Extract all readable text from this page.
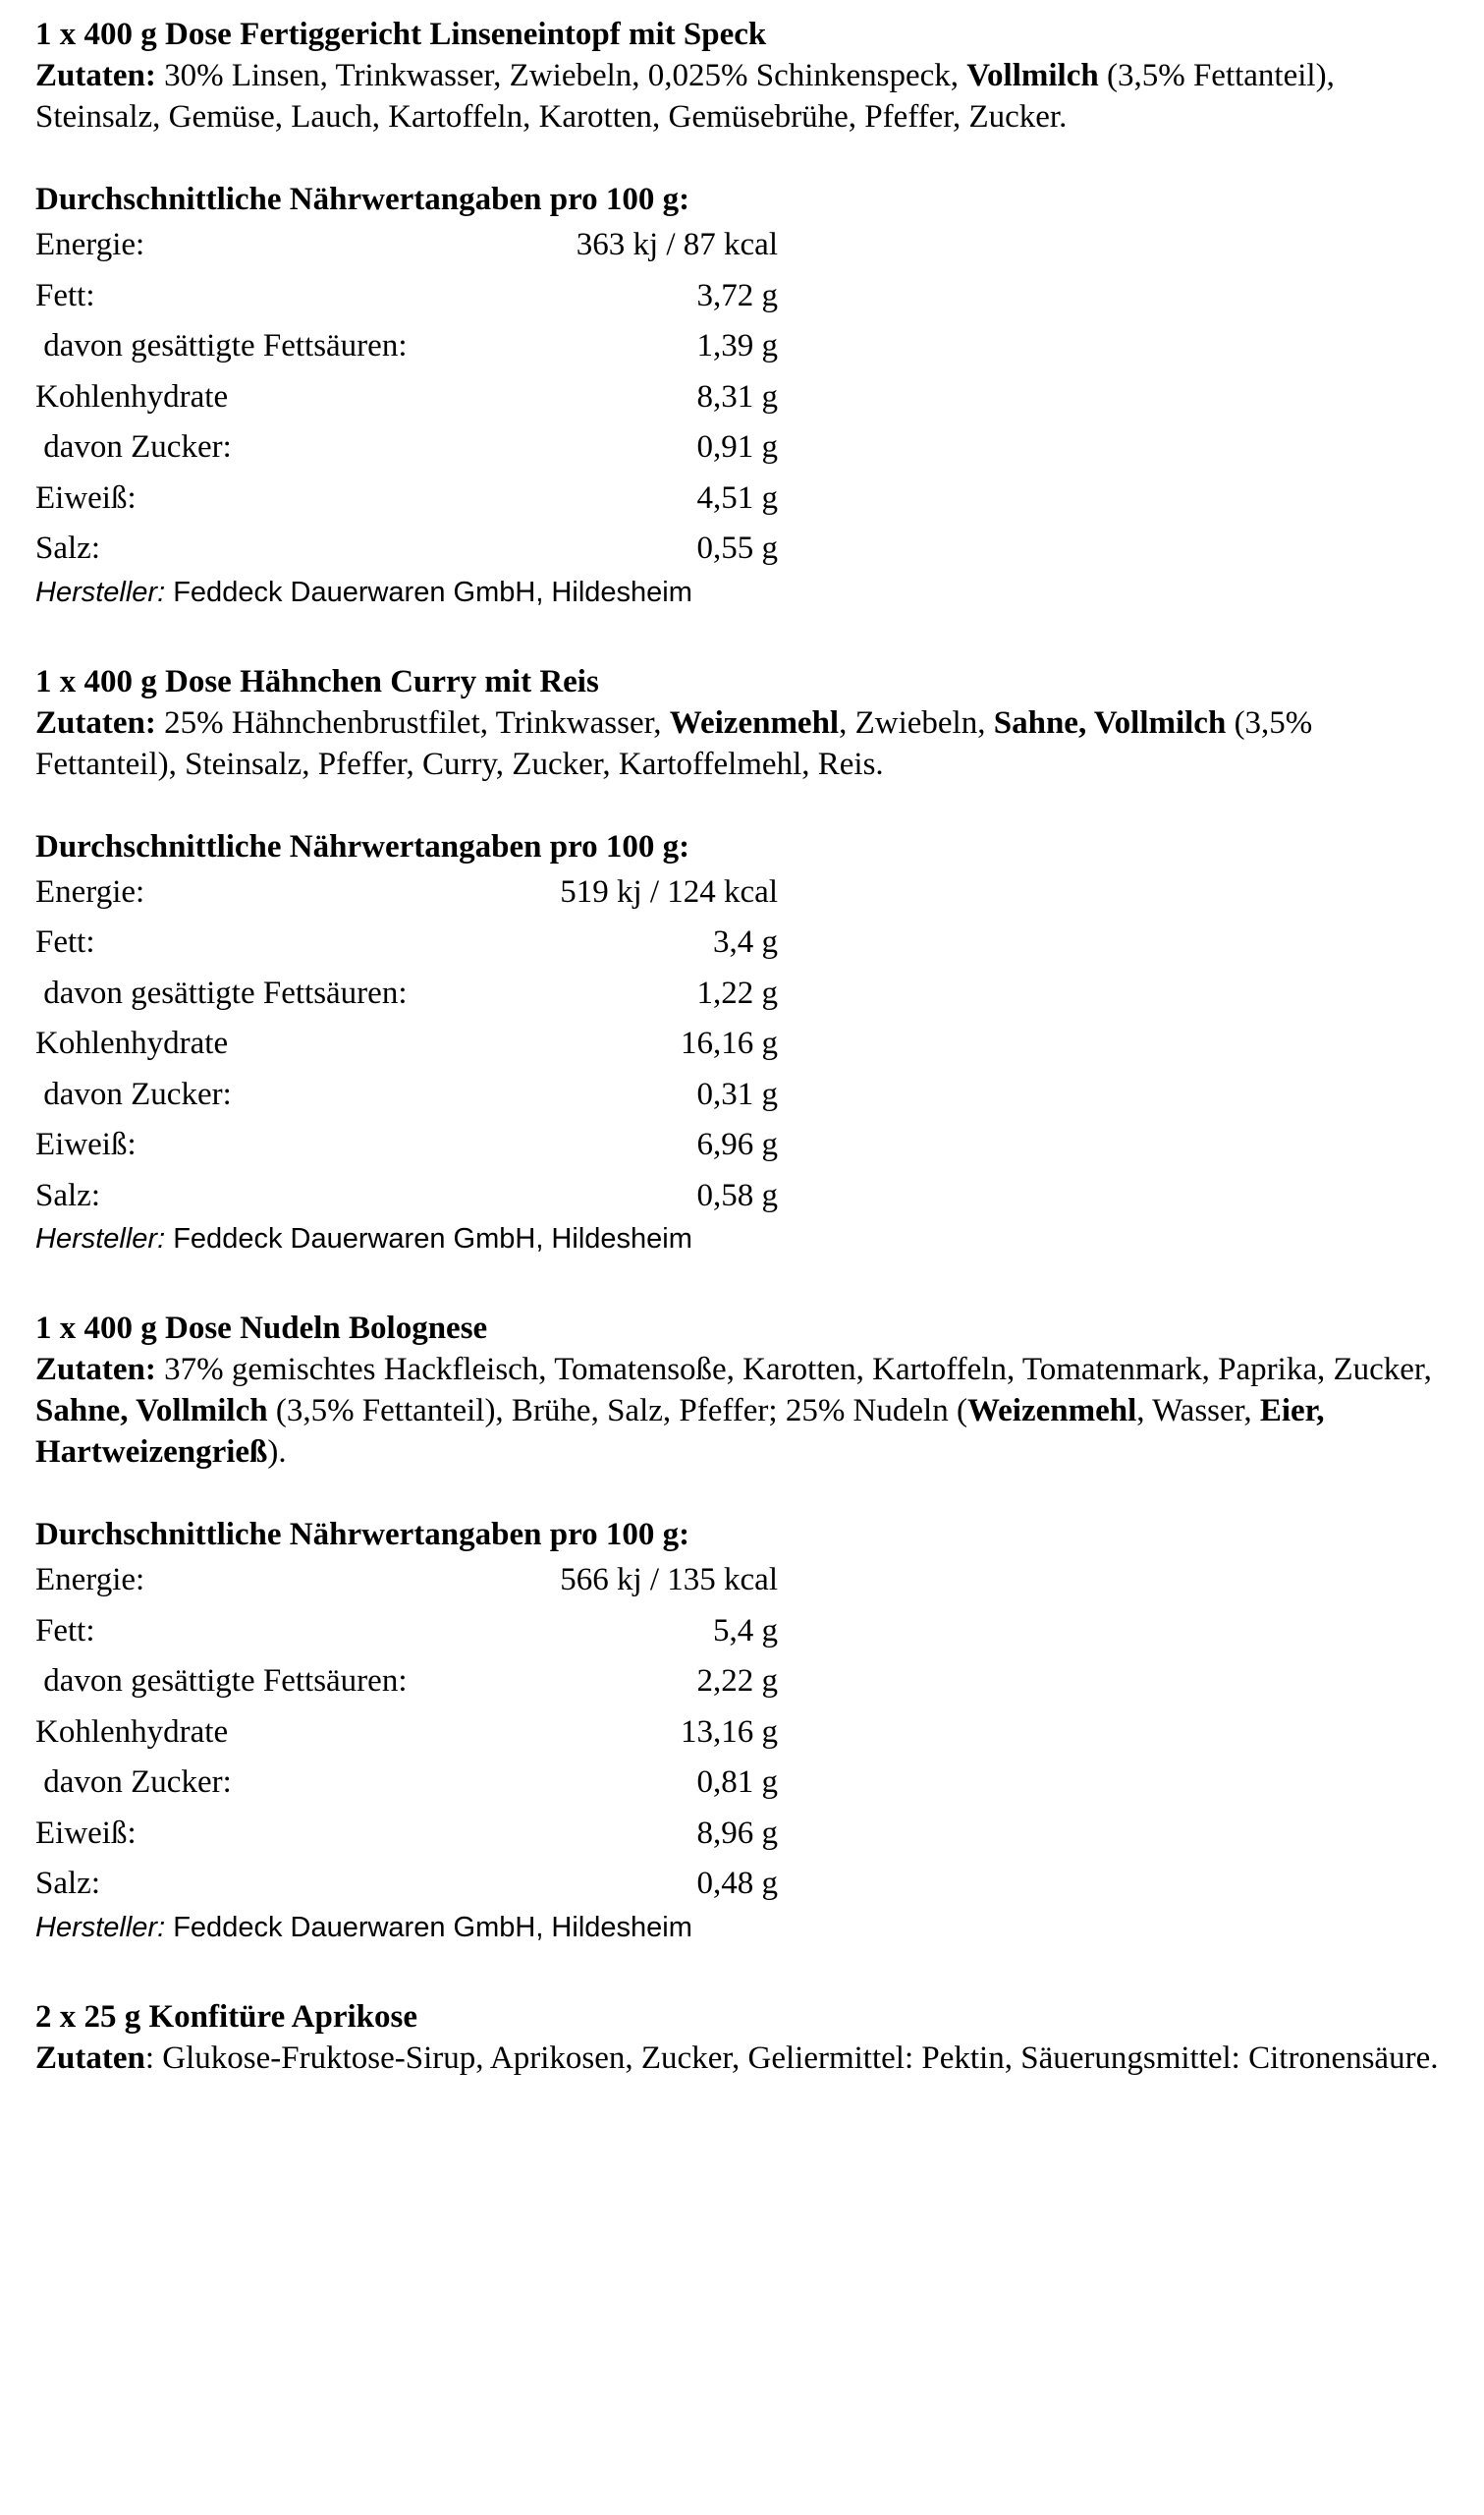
1 x 400 g Dose Fertiggericht Linseneintopf mit Speck
Zutaten: 30% Linsen, Trinkwasser, Zwiebeln, 0,025% Schinkenspeck, Vollmilch (3,5% Fettanteil), Steinsalz, Gemüse, Lauch, Kartoffeln, Karotten, Gemüsebrühe, Pfeffer, Zucker.
Durchschnittliche Nährwertangaben pro 100 g:
Energie:	363 kj / 87 kcal
Fett:	3,72 g
davon gesättigte Fettsäuren:	1,39 g
Kohlenhydrate	8,31 g
davon Zucker:	0,91 g
Eiweiß:	4,51 g
Salz:	0,55 g
Hersteller: Feddeck Dauerwaren GmbH, Hildesheim
1 x 400 g Dose Hähnchen Curry mit Reis
Zutaten: 25% Hähnchenbrustfilet, Trinkwasser, Weizenmehl, Zwiebeln, Sahne, Vollmilch (3,5% Fettanteil), Steinsalz, Pfeffer, Curry, Zucker, Kartoffelmehl, Reis.
Durchschnittliche Nährwertangaben pro 100 g:
Energie:	519 kj / 124 kcal
Fett:	3,4 g
davon gesättigte Fettsäuren:	1,22 g
Kohlenhydrate	16,16 g
davon Zucker:	0,31 g
Eiweiß:	6,96 g
Salz:	0,58 g
Hersteller: Feddeck Dauerwaren GmbH, Hildesheim
1 x 400 g Dose Nudeln Bolognese
Zutaten: 37% gemischtes Hackfleisch, Tomatensoße, Karotten, Kartoffeln, Tomatenmark, Paprika, Zucker, Sahne, Vollmilch (3,5% Fettanteil), Brühe, Salz, Pfeffer; 25% Nudeln (Weizenmehl, Wasser, Eier, Hartweizengrieß).
Durchschnittliche Nährwertangaben pro 100 g:
Energie:	566 kj / 135 kcal
Fett:	5,4 g
davon gesättigte Fettsäuren:	2,22 g
Kohlenhydrate	13,16 g
davon Zucker:	0,81 g
Eiweiß:	8,96 g
Salz:	0,48 g
Hersteller: Feddeck Dauerwaren GmbH, Hildesheim
2 x 25 g Konfitüre Aprikose
Zutaten: Glukose-Fruktose-Sirup, Aprikosen, Zucker, Geliermittel: Pektin, Säuerungsmittel: Citronensäure.
